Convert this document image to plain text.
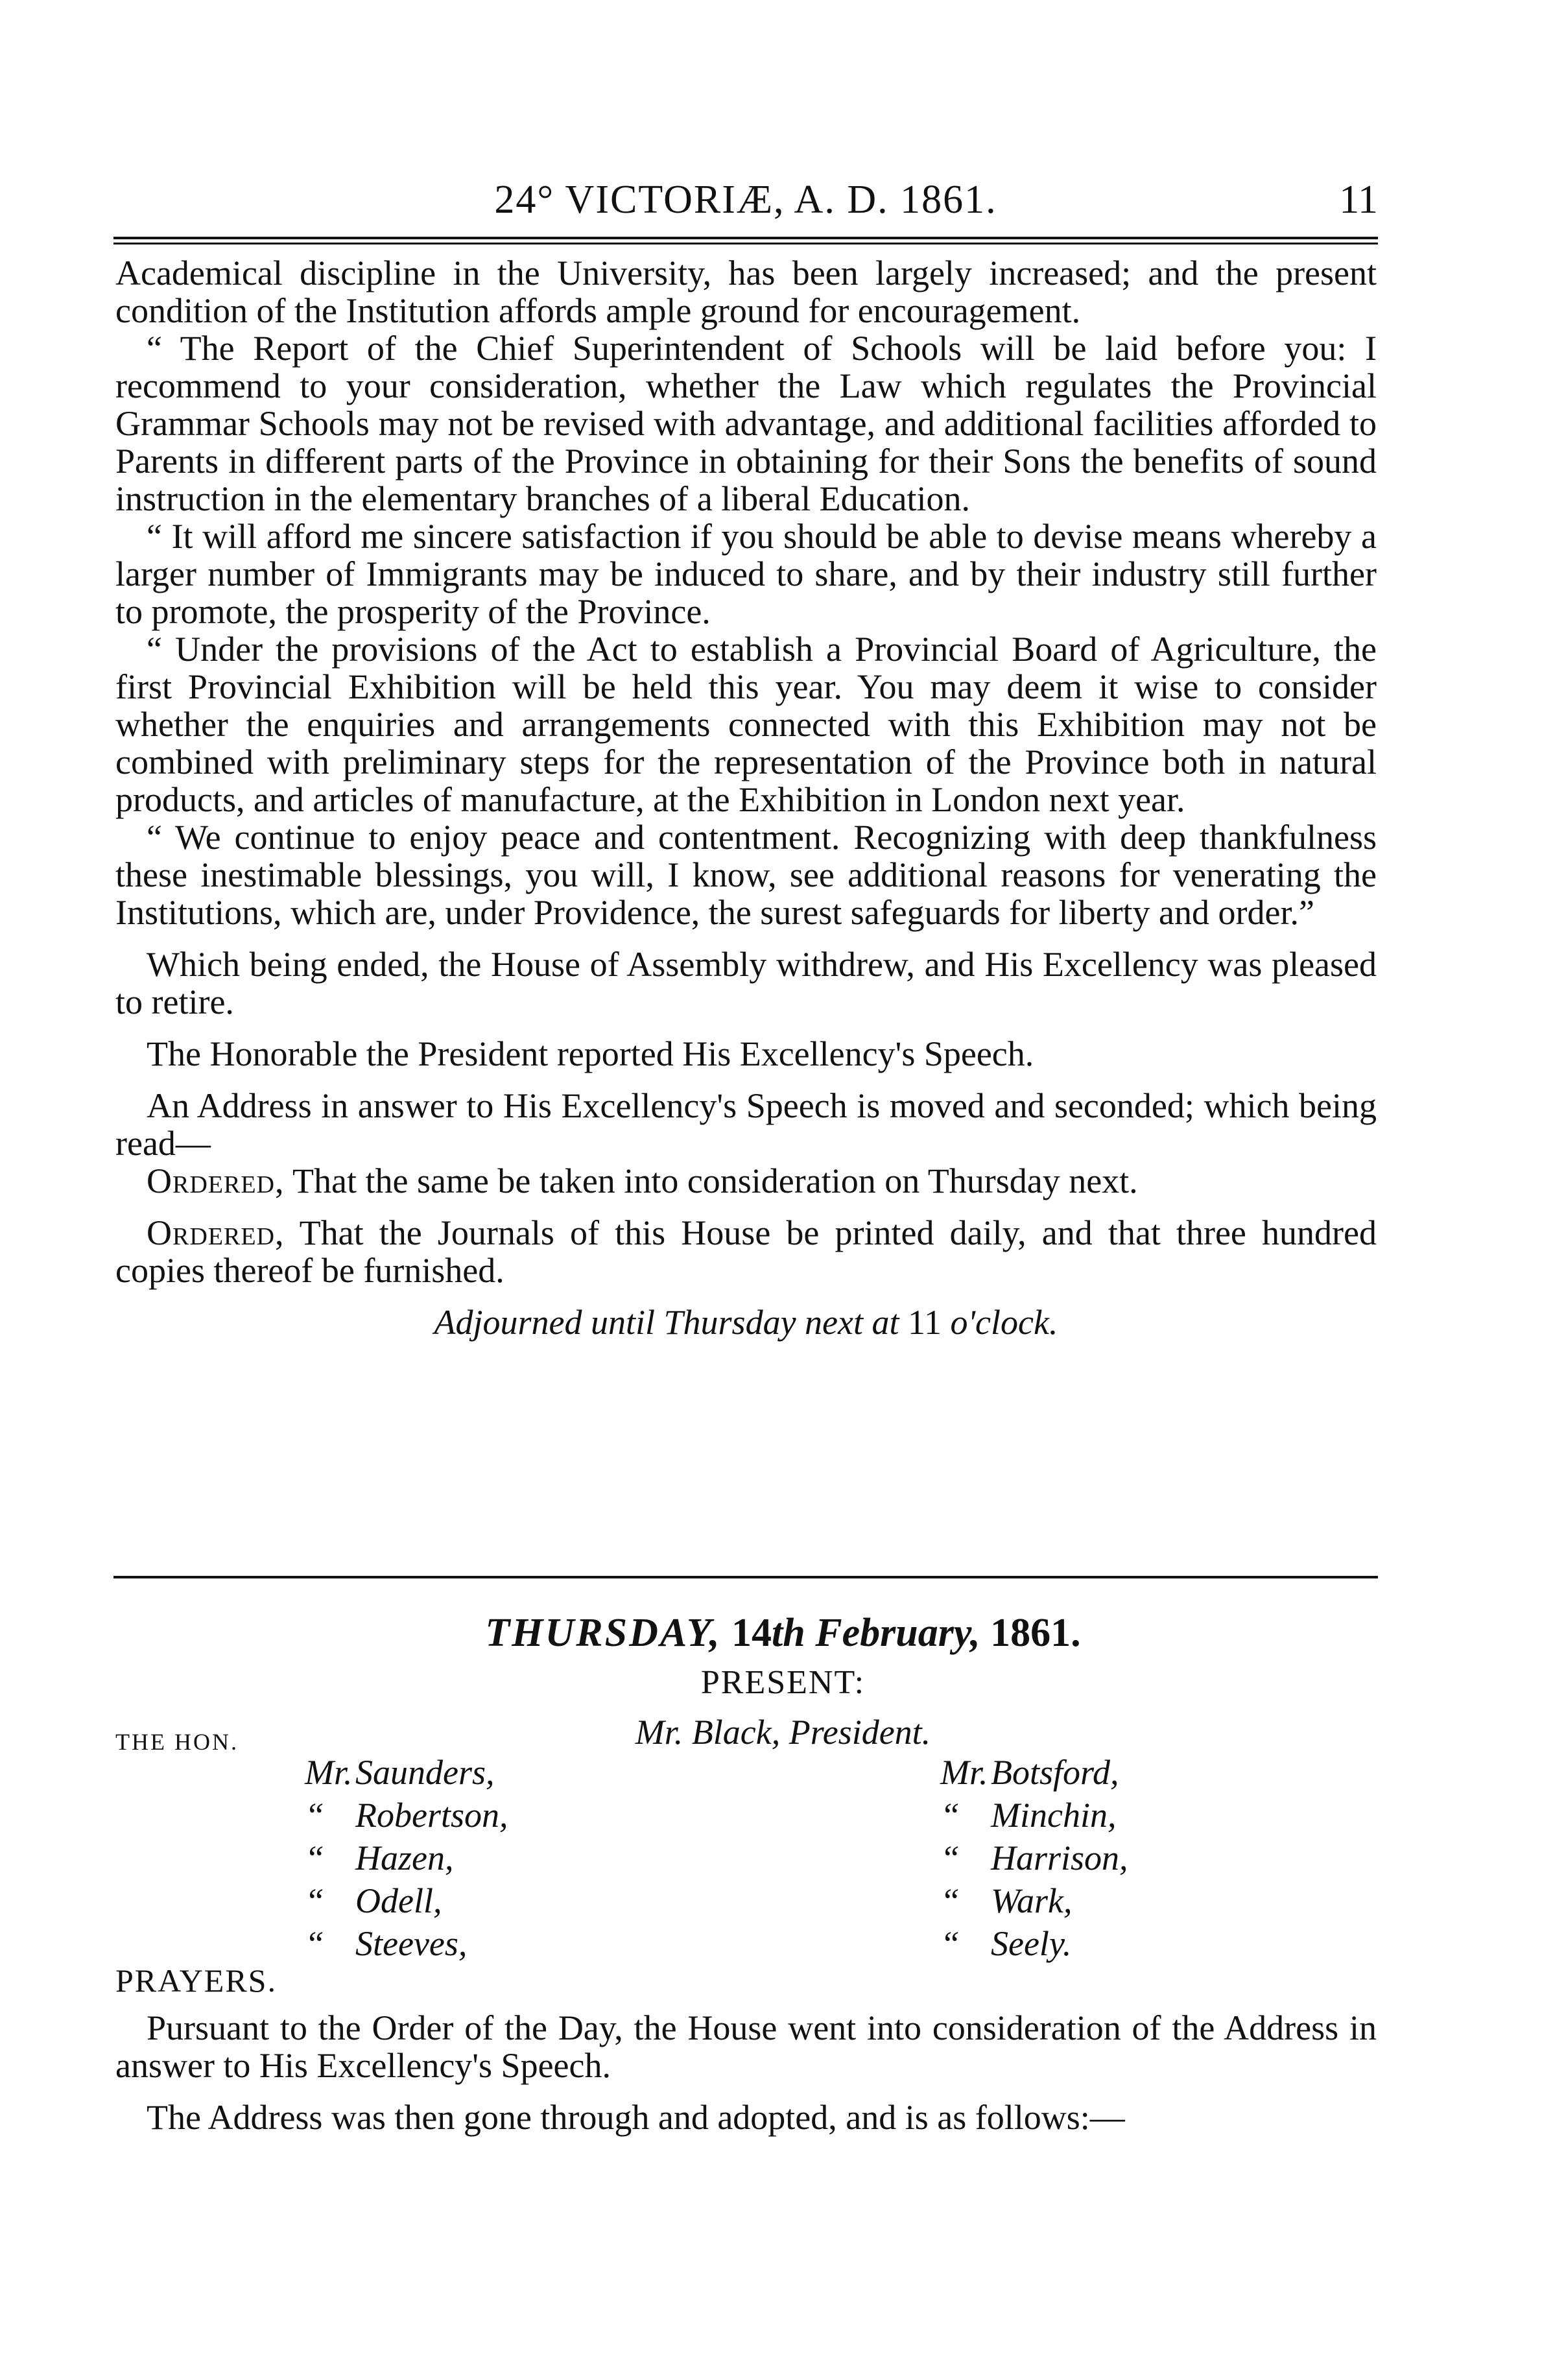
24° VICTORIÆ, A. D. 1861.	11

Academical discipline in the University, has been largely increased; and the present condition of the Institution affords ample ground for encouragement.

“ The Report of the Chief Superintendent of Schools will be laid before you: I recommend to your consideration, whether the Law which regulates the Provincial Grammar Schools may not be revised with advantage, and additional facilities afforded to Parents in different parts of the Province in obtaining for their Sons the benefits of sound instruction in the elementary branches of a liberal Education.

“ It will afford me sincere satisfaction if you should be able to devise means whereby a larger number of Immigrants may be induced to share, and by their industry still further to promote, the prosperity of the Province.

“ Under the provisions of the Act to establish a Provincial Board of Agriculture, the first Provincial Exhibition will be held this year. You may deem it wise to consider whether the enquiries and arrangements connected with this Exhibition may not be combined with preliminary steps for the representation of the Province both in natural products, and articles of manufacture, at the Exhibition in London next year.

“ We continue to enjoy peace and contentment. Recognizing with deep thankfulness these inestimable blessings, you will, I know, see additional reasons for venerating the Institutions, which are, under Providence, the surest safeguards for liberty and order.”

Which being ended, the House of Assembly withdrew, and His Excellency was pleased to retire.

The Honorable the President reported His Excellency's Speech.

An Address in answer to His Excellency's Speech is moved and seconded; which being read—

Ordered, That the same be taken into consideration on Thursday next.

Ordered, That the Journals of this House be printed daily, and that three hundred copies thereof be furnished.

Adjourned until Thursday next at 11 o'clock.

THURSDAY, 14th February, 1861.
PRESENT:
THE HON.	Mr. Black, President.
Mr.Saunders,
“ Robertson,
“ Hazen,
“ Odell,
“ Steeves,
Mr.Botsford,
“ Minchin,
“ Harrison,
“ Wark,
“ Seely.
PRAYERS.

Pursuant to the Order of the Day, the House went into consideration of the Address in answer to His Excellency's Speech.

The Address was then gone through and adopted, and is as follows:—
